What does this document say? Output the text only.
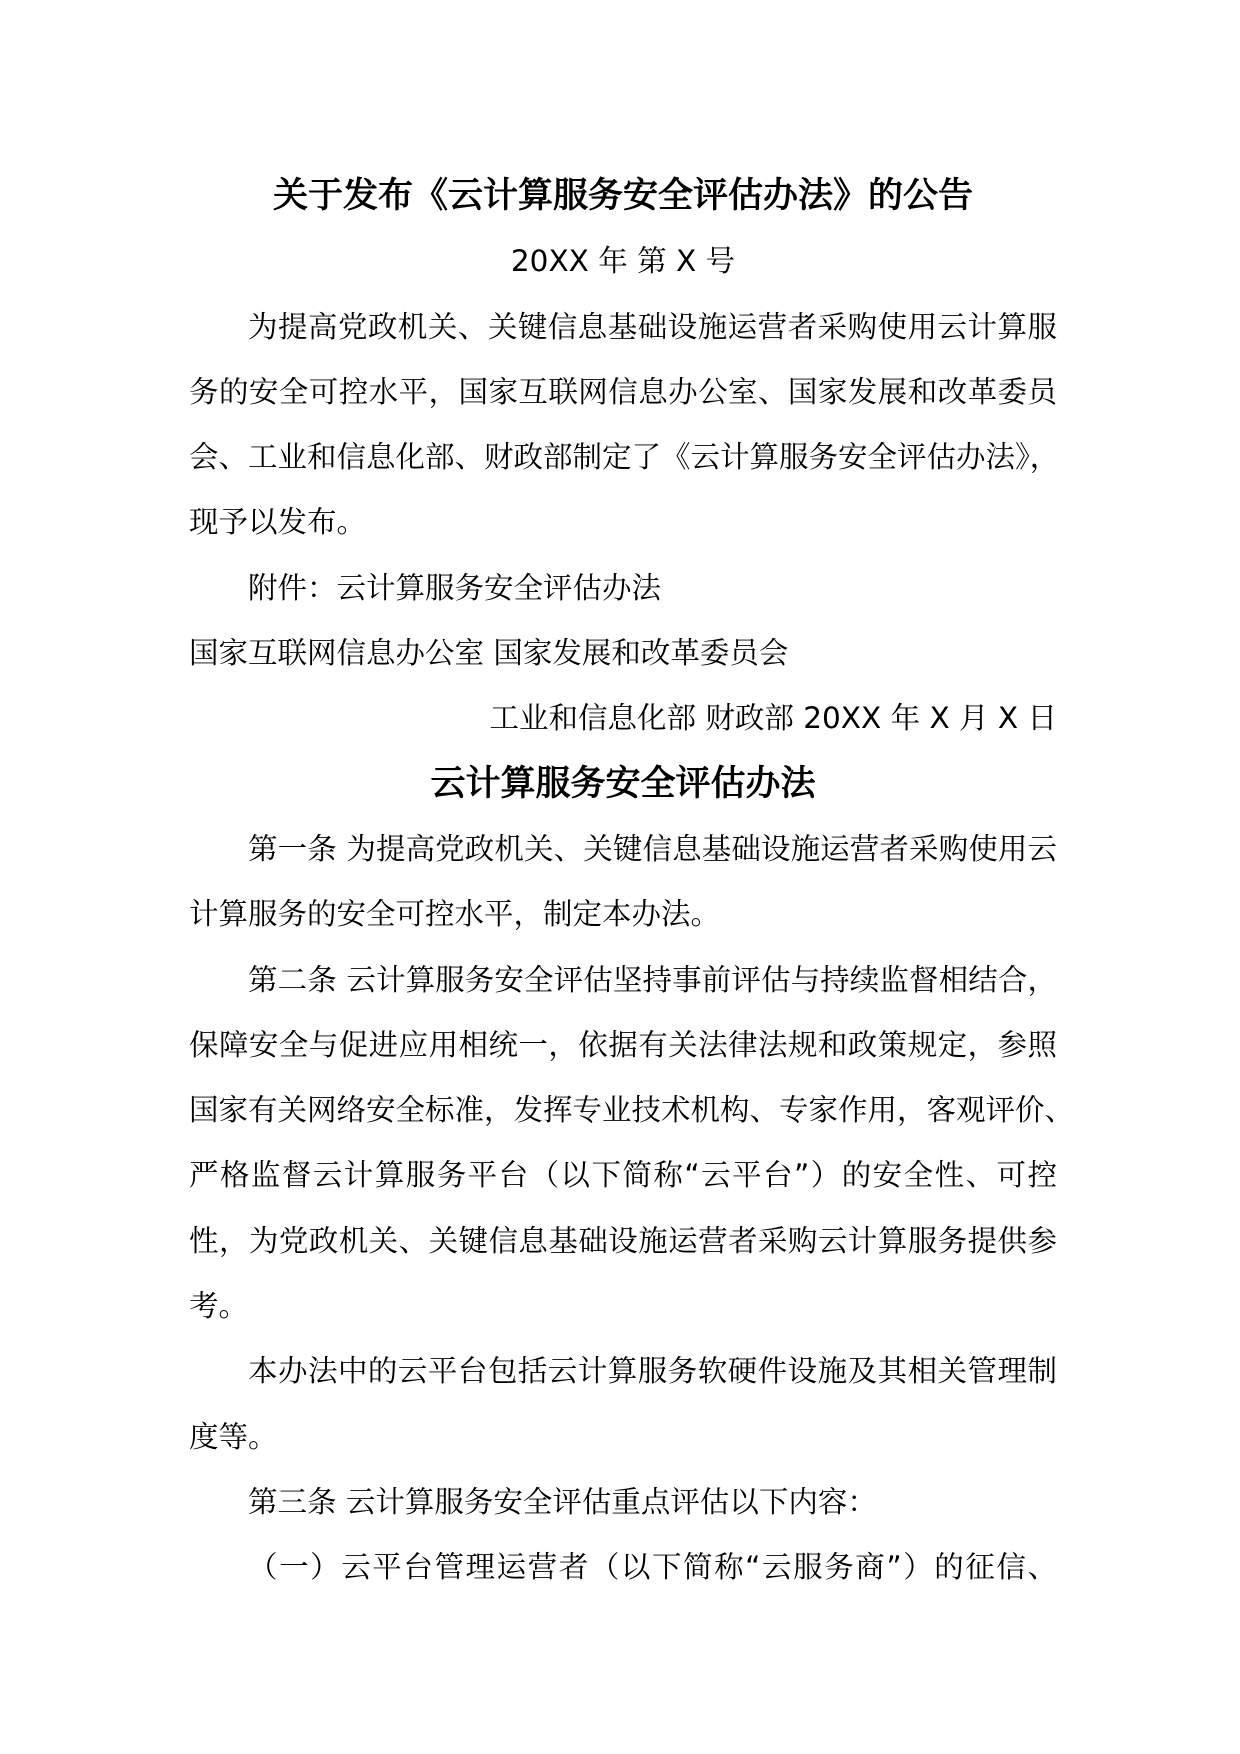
关于发布《云计算服务安全评估办法》的公告
20XX 年 第 X 号
为提高党政机关、关键信息基础设施运营者采购使用云计算服
务的安全可控水平，国家互联网信息办公室、国家发展和改革委员
会、工业和信息化部、财政部制定了《云计算服务安全评估办法》，
现予以发布。
附件：云计算服务安全评估办法
国家互联网信息办公室 国家发展和改革委员会
工业和信息化部 财政部 20XX 年 X 月 X 日
云计算服务安全评估办法
第一条 为提高党政机关、关键信息基础设施运营者采购使用云
计算服务的安全可控水平，制定本办法。
第二条 云计算服务安全评估坚持事前评估与持续监督相结合，
保障安全与促进应用相统一，依据有关法律法规和政策规定，参照
国家有关网络安全标准，发挥专业技术机构、专家作用，客观评价、
严格监督云计算服务平台（以下简称“云平台”）的安全性、可控
性，为党政机关、关键信息基础设施运营者采购云计算服务提供参
考。
本办法中的云平台包括云计算服务软硬件设施及其相关管理制
度等。
第三条 云计算服务安全评估重点评估以下内容：
（一）云平台管理运营者（以下简称“云服务商”）的征信、
